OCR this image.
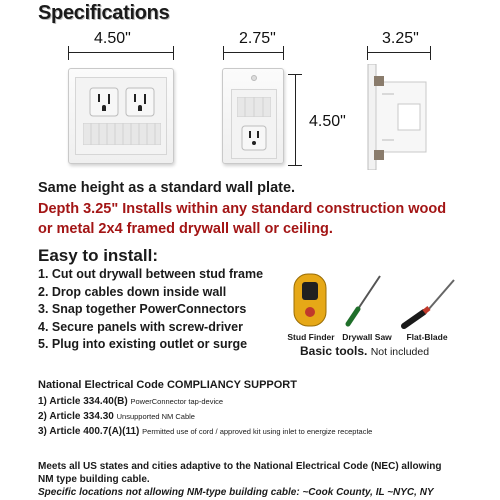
Specifications
4.50"	2.75"	3.25"
4.50"
Same height as a standard wall plate.
Depth 3.25" Installs within any standard construction wood
or metal 2x4 framed drywall wall or ceiling.
Easy to install:
1. Cut out drywall between stud frame
2. Drop cables down inside wall
3. Snap together PowerConnectors
4. Secure panels with screw-driver
5. Plug into existing outlet or surge	Stud Finder Drywall Saw	Flat-Blade
Basic tools. Not included
National Electrical Code COMPLIANCY SUPPORT
1) Article 334.40(B) PowerConnector tap-device
2) Article 334.30 Unsupported NM Cable
3) Article 400.7(A)(11) Permitted use of cord / approved kit using inlet to energize receptacle
Meets all US states and cities adaptive to the National Electrical Code (NEC) allowing
NM type building cable.
Specific locations not allowing NM-type building cable: ~Cook County, IL ~NYC, NY
